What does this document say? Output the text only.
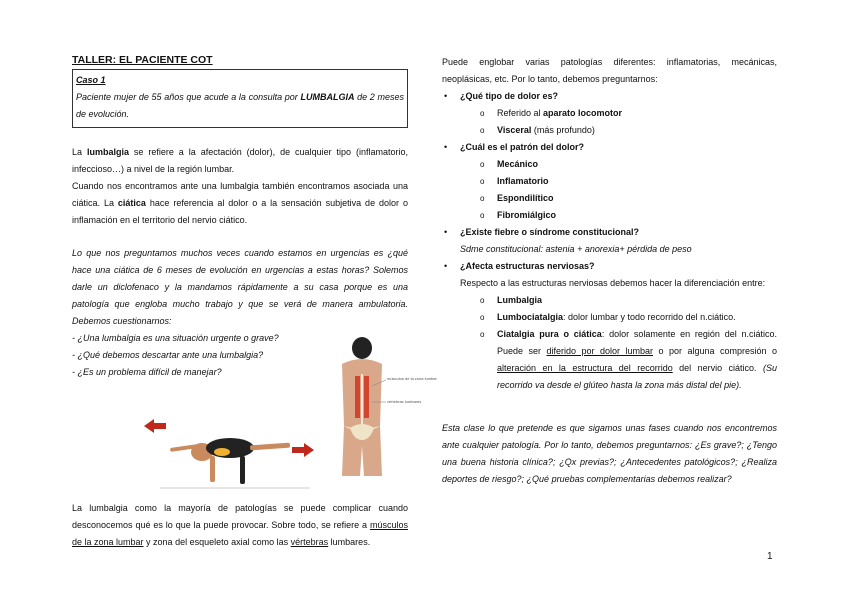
TALLER: EL PACIENTE COT
Caso 1
Paciente mujer de 55 años que acude a la consulta por LUMBALGIA de 2 meses de evolución.

La lumbalgia se refiere a la afectación (dolor), de cualquier tipo (inflamatorio, infeccioso…) a nivel de la región lumbar.

Cuando nos encontramos ante una lumbalgia también encontramos asociada una ciática. La ciática hace referencia al dolor o a la sensación subjetiva de dolor o inflamación en el territorio del nervio ciático.

Lo que nos preguntamos muchos veces cuando estamos en urgencias es ¿qué hace una ciática de 6 meses de evolución en urgencias a estas horas? Solemos darle un diclofenaco y la mandamos rápidamente a su casa porque es una patología que engloba mucho trabajo y que se verá de manera ambulatoria. Debemos cuestionarnos:

- ¿Una lumbalgia es una situación urgente o grave?
- ¿Qué debemos descartar ante una lumbalgia?
- ¿Es un problema difícil de manejar?
músculos de la zona lumbar
vértebras lumbares

La lumbalgia como la mayoría de patologías se puede complicar cuando desconocemos qué es lo que la puede provocar. Sobre todo, se refiere a músculos de la zona lumbar y zona del esqueleto axial como las vértebras lumbares.

Puede englobar varias patologías diferentes: inflamatorias, mecánicas, neoplásicas, etc. Por lo tanto, debemos preguntarnos:

• ¿Qué tipo de dolor es?
o Referido al aparato locomotor
o Visceral (más profundo)
• ¿Cuál es el patrón del dolor?
o Mecánico
o Inflamatorio
o Espondilítico
o Fibromiálgico
• ¿Existe fiebre o síndrome constitucional?
Sdme constitucional: astenia + anorexia+ pérdida de peso
• ¿Afecta estructuras nerviosas?
Respecto a las estructuras nerviosas debemos hacer la diferenciación entre:
o Lumbalgia
o Lumbociatalgia: dolor lumbar y todo recorrido del n.ciático.
o Ciatalgia pura o ciática: dolor solamente en región del n.ciático. Puede ser diferido por dolor lumbar o por alguna compresión o alteración en la estructura del recorrido del nervio ciático. (Su recorrido va desde el glúteo hasta la zona más distal del pie).

Esta clase lo que pretende es que sigamos unas fases cuando nos encontremos ante cualquier patología. Por lo tanto, debemos preguntarnos: ¿Es grave?; ¿Tengo una buena historia clínica?; ¿Qx previas?; ¿Antecedentes patológicos?; ¿Realiza deportes de riesgo?; ¿Qué pruebas complementarias debemos realizar?

1
